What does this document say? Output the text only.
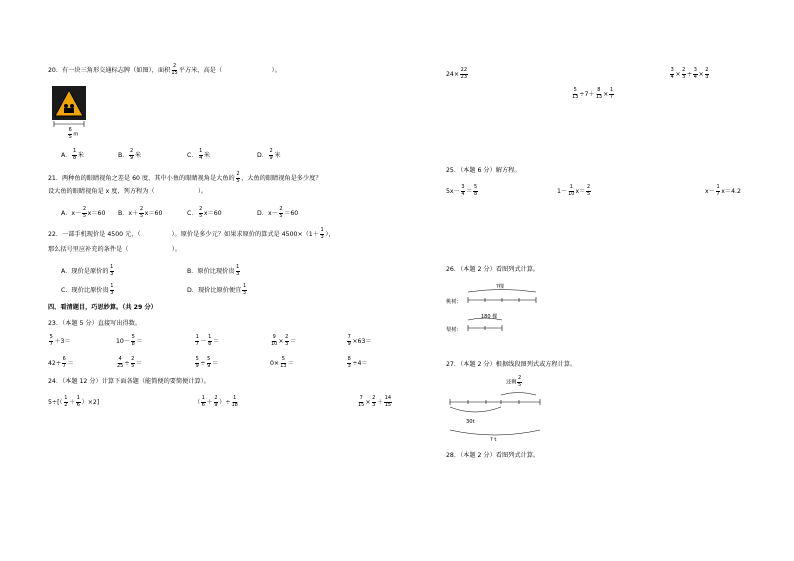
20．有一块三角形交通标志牌（如图），面积 $\frac{2}{15}$ 平方米，高是（　　　　　　　　）。
$\frac{6}{5}$ m
A． $\frac{1}{8}$ 米	B． $\frac{2}{9}$ 米	C． $\frac{1}{4}$ 米	D． $\frac{2}{9}$ 米
21．两种鱼的眼睛视角之差是 60 度，其中小鱼的眼睛视角是大鱼的 $\frac{2}{5}$ ，大鱼的眼睛视角是多少度？
设大鱼的眼睛视角是 x 度，列方程为（　　　　　　　）。
A．$x- \frac{2}{5} x=60$ B．$x+ \frac{2}{5} x=60$	C． $\frac{2}{5} x=60$	D．$x- \frac{2}{5} =60$
22．一部手机现价是 4500 元，（　　　　　）。原价是多少元？如果求原价的算式是 $4500\times(1+ \frac{1}{3}$ ），
那么括号里应补充的条件是（　　　　　　　）。
A．现价是原价的 $\frac{1}{3}$	B．原价比现价贵 $\frac{1}{3}$
C．现价比原价贵 $\frac{1}{3}$	D．现价比原价便宜 $\frac{1}{3}$
四、看清题目，巧思妙算。（共 29 分）
23．（本题 5 分）直接写出得数。
$\frac{5}{7} +3=$	$10- \frac{5}{8}$ ＝	$\frac{1}{7} - \frac{1}{8}$ ＝	$\frac{9}{10} \times \frac{2}{3}$ ＝	$\frac{7}{9} \times 63=$
$42\div \frac{6}{7}$ ＝	$\frac{4}{25} \div \frac{2}{5}$ ＝	$\frac{5}{9} \div \frac{5}{9}$ ＝	$0\times \frac{5}{13}$ ＝	$\frac{8}{3} \div 4=$
24．（本题 12 分）计算下面各题（能简便的要简便计算）。
$5\div[( \frac{1}{2} + \frac{1}{6} )\times 2]$	（ $\frac{1}{6} + \frac{2}{9}$ ）÷ $\frac{1}{18}$	$\frac{7}{15} \times \frac{2}{3} + \frac{14}{15}$
$24\times \frac{22}{23}$	$\frac{3}{4} \times \frac{2}{3} \div \frac{3}{4} \times \frac{2}{3}$
$\frac{5}{13} \div 7+ \frac{8}{13} \times \frac{1}{7}$
25．（本题 6 分）解方程。
$5x- \frac{3}{4} = \frac{5}{8}$	$1- \frac{1}{10} x= \frac{2}{5}$	$x- \frac{1}{7} x=4.2$
26．（本题 2 分）看图列式计算。
桃树：
梨树：
?棵
180 棵
27．（本题 2 分）根据线段图列式或方程计算。
还剩 $\frac{2}{5}$
30t
? t
28．（本题 2 分）看图列式计算。
